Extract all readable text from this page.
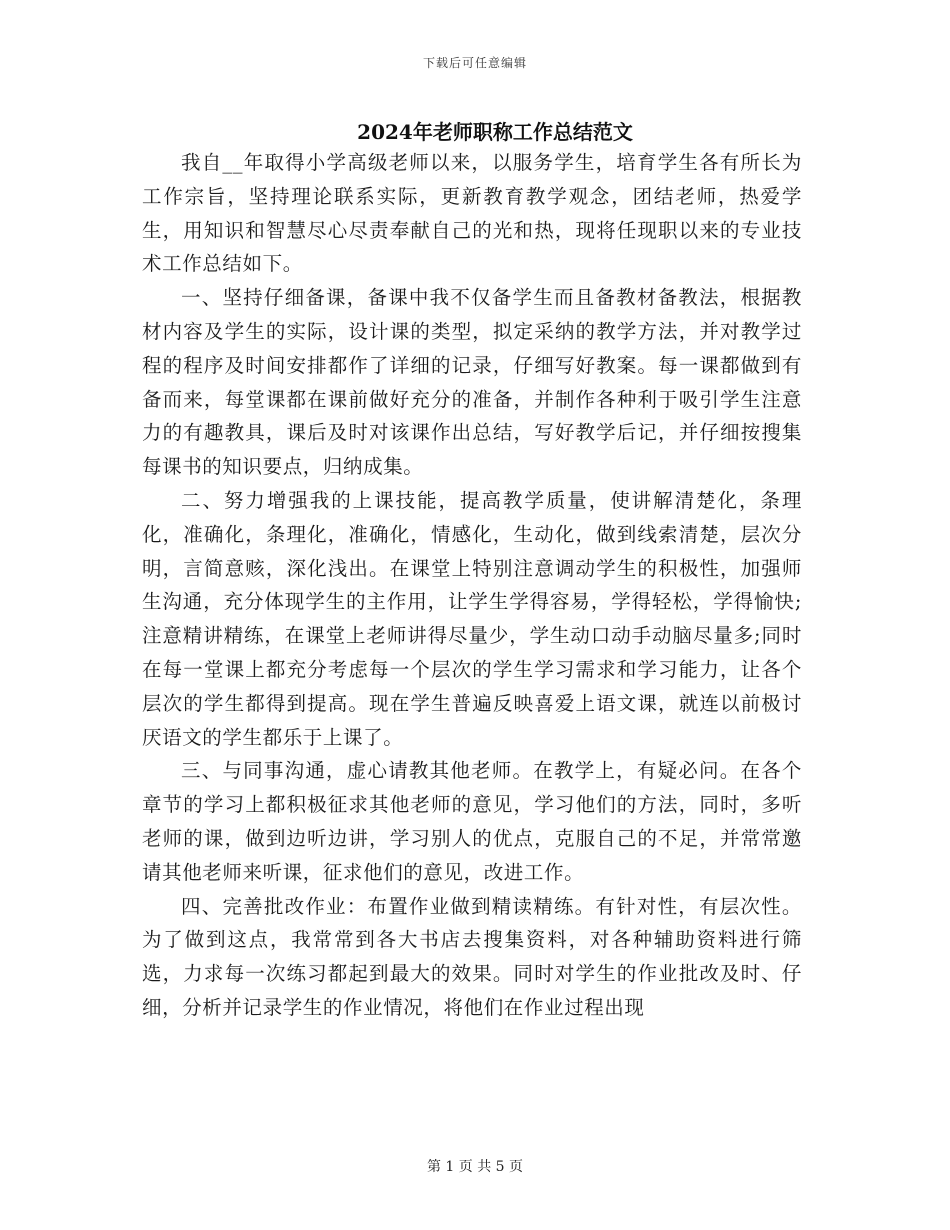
下载后可任意编辑
2024年老师职称工作总结范文

我自__年取得小学高级老师以来，以服务学生，培育学生各有所长为工作宗旨，坚持理论联系实际，更新教育教学观念，团结老师，热爱学生，用知识和智慧尽心尽责奉献自己的光和热，现将任现职以来的专业技术工作总结如下。

一、坚持仔细备课，备课中我不仅备学生而且备教材备教法，根据教材内容及学生的实际，设计课的类型，拟定采纳的教学方法，并对教学过程的程序及时间安排都作了详细的记录，仔细写好教案。每一课都做到有备而来，每堂课都在课前做好充分的准备，并制作各种利于吸引学生注意力的有趣教具，课后及时对该课作出总结，写好教学后记，并仔细按搜集每课书的知识要点，归纳成集。

二、努力增强我的上课技能，提高教学质量，使讲解清楚化，条理化，准确化，条理化，准确化，情感化，生动化，做到线索清楚，层次分明，言简意赅，深化浅出。在课堂上特别注意调动学生的积极性，加强师生沟通，充分体现学生的主作用，让学生学得容易，学得轻松，学得愉快;注意精讲精练，在课堂上老师讲得尽量少，学生动口动手动脑尽量多;同时在每一堂课上都充分考虑每一个层次的学生学习需求和学习能力，让各个层次的学生都得到提高。现在学生普遍反映喜爱上语文课，就连以前极讨厌语文的学生都乐于上课了。

三、与同事沟通，虚心请教其他老师。在教学上，有疑必问。在各个章节的学习上都积极征求其他老师的意见，学习他们的方法，同时，多听老师的课，做到边听边讲，学习别人的优点，克服自己的不足，并常常邀请其他老师来听课，征求他们的意见，改进工作。

四、完善批改作业：布置作业做到精读精练。有针对性，有层次性。为了做到这点，我常常到各大书店去搜集资料，对各种辅助资料进行筛选，力求每一次练习都起到最大的效果。同时对学生的作业批改及时、仔细，分析并记录学生的作业情况，将他们在作业过程出现

第 1 页 共 5 页
